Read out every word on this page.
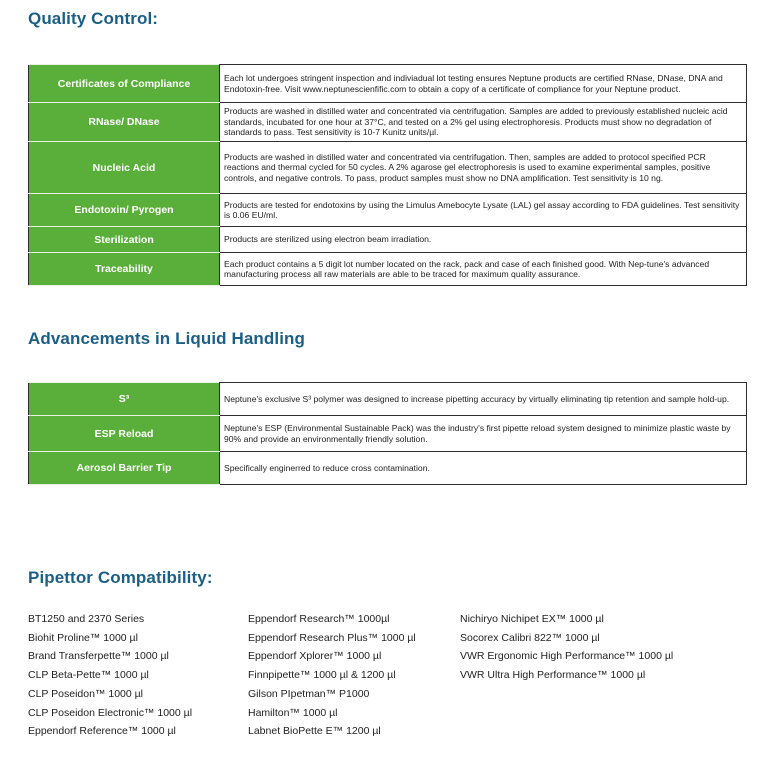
Quality Control:
Certificates of Compliance	Each lot undergoes stringent inspection and indiviadual lot testing ensures Neptune products are certified RNase, DNase, DNA and Endotoxin-free. Visit www.neptunescienfific.com to obtain a copy of a certificate of compliance for your Neptune product.
RNase/ DNase	Products are washed in distilled water and concentrated via centrifugation. Samples are added to previously established nucleic acid standards, incubated for one hour at 37°C, and tested on a 2% gel using electrophoresis. Products must show no degradation of standards to pass. Test sensitivity is 10-7 Kunitz units/µl.
Nucleic Acid	Products are washed in distilled water and concentrated via centrifugation. Then, samples are added to protocol specified PCR reactions and thermal cycled for 50 cycles. A 2% agarose gel electrophoresis is used to examine experimental samples, positive controls, and negative controls. To pass, product samples must show no DNA amplification. Test sensitivity is 10 ng.
Endotoxin/ Pyrogen	Products are tested for endotoxins by using the Limulus Amebocyte Lysate (LAL) gel assay according to FDA guidelines. Test sensitivity is 0.06 EU/ml.
Sterilization	Products are sterilized using electron beam irradiation.
Traceability	Each product contains a 5 digit lot number located on the rack, pack and case of each finished good. With Nep-tune's advanced manufacturing process all raw materials are able to be traced for maximum quality assurance.
Advancements in Liquid Handling
S³	Neptune's exclusive S³ polymer was designed to increase pipetting accuracy by virtually eliminating tip retention and sample hold-up.
ESP Reload	Neptune's ESP (Environmental Sustainable Pack) was the industry's first pipette reload system designed to minimize plastic waste by 90% and provide an environmentally friendly solution.
Aerosol Barrier Tip	Specifically enginerred to reduce cross contamination.
Pipettor Compatibility:
BT1250 and 2370 Series
Biohit Proline™ 1000 µl
Brand Transferpette™ 1000 µl
CLP Beta-Pette™ 1000 µl
CLP Poseidon™ 1000 µl
CLP Poseidon Electronic™ 1000 µl
Eppendorf Reference™ 1000 µl
Eppendorf Research™ 1000µl
Eppendorf Research Plus™ 1000 µl
Eppendorf Xplorer™ 1000 µl
Finnpipette™ 1000 µl & 1200 µl
Gilson PIpetman™ P1000
Hamilton™ 1000 µl
Labnet BioPette E™ 1200 µl
Nichiryo Nichipet EX™ 1000 µl
Socorex Calibri 822™ 1000 µl
VWR Ergonomic High Performance™ 1000 µl
VWR Ultra High Performance™ 1000 µl
